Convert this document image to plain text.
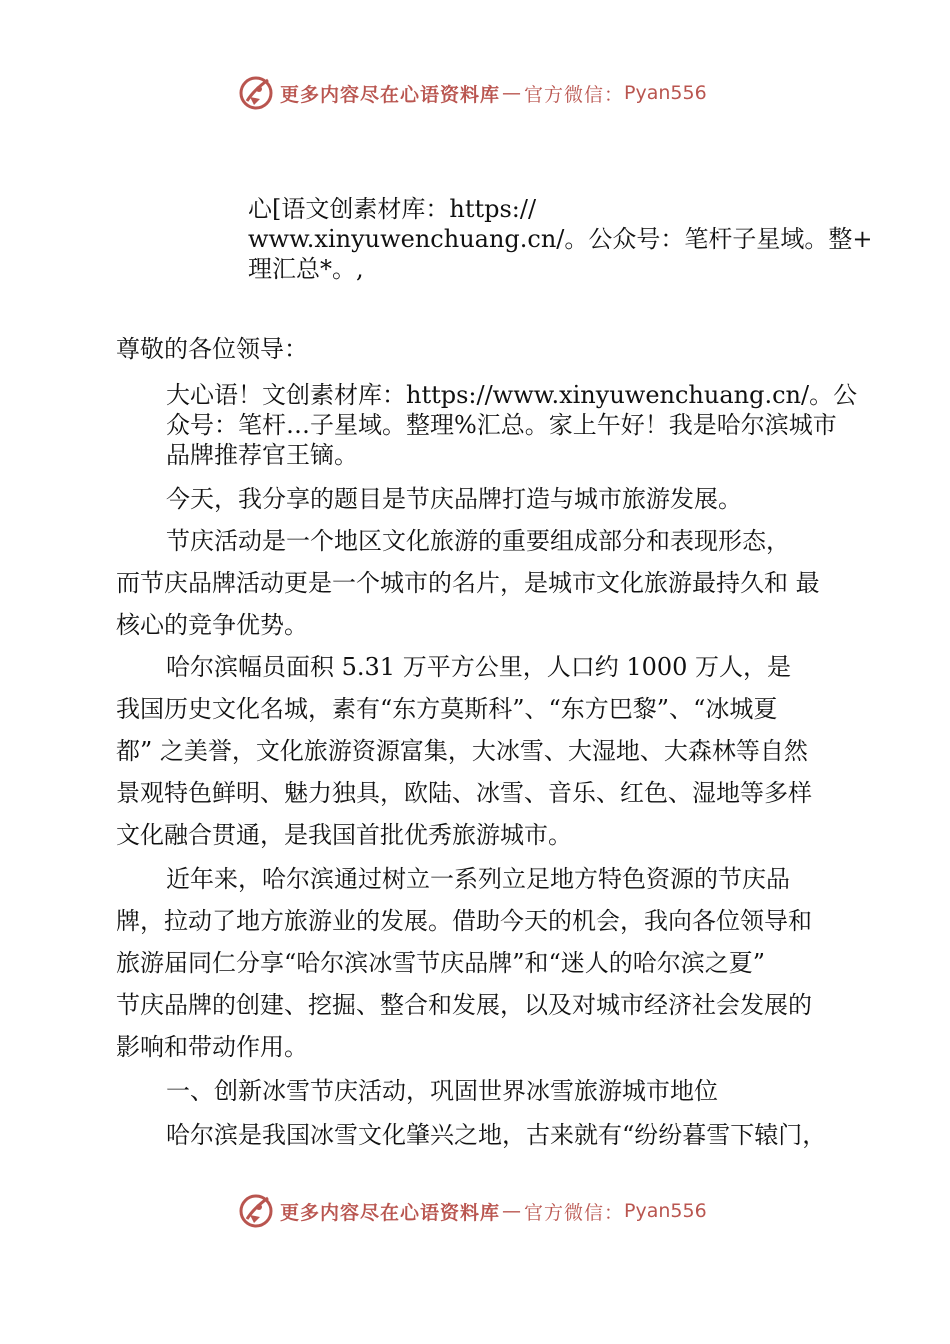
更多内容尽在心语资料库 — 官方微信： Pyan556
心[语文创素材库：https://
www.xinyuwenchuang.cn/。公众号：笔杆子星域。整+
理汇总*。,
尊敬的各位领导：
大心语！文创素材库：https://www.xinyuwenchuang.cn/。公
众号：笔杆…子星域。整理%汇总。家上午好！我是哈尔滨城市
品牌推荐官王镝。
今天，我分享的题目是节庆品牌打造与城市旅游发展。
节庆活动是一个地区文化旅游的重要组成部分和表现形态，
而节庆品牌活动更是一个城市的名片，是城市文化旅游最持久和 最
核心的竞争优势。
哈尔滨幅员面积 5.31 万平方公里，人口约 1000 万人，是
我国历史文化名城，素有“东方莫斯科”、“东方巴黎”、“冰城夏
都” 之美誉，文化旅游资源富集，大冰雪、大湿地、大森林等自然
景观特色鲜明、魅力独具，欧陆、冰雪、音乐、红色、湿地等多样
文化融合贯通，是我国首批优秀旅游城市。
近年来，哈尔滨通过树立一系列立足地方特色资源的节庆品
牌，拉动了地方旅游业的发展。借助今天的机会，我向各位领导和
旅游届同仁分享“哈尔滨冰雪节庆品牌”和“迷人的哈尔滨之夏”
节庆品牌的创建、挖掘、整合和发展，以及对城市经济社会发展的
影响和带动作用。
一、创新冰雪节庆活动，巩固世界冰雪旅游城市地位
哈尔滨是我国冰雪文化肇兴之地，古来就有“纷纷暮雪下辕门，
更多内容尽在心语资料库 — 官方微信： Pyan556
